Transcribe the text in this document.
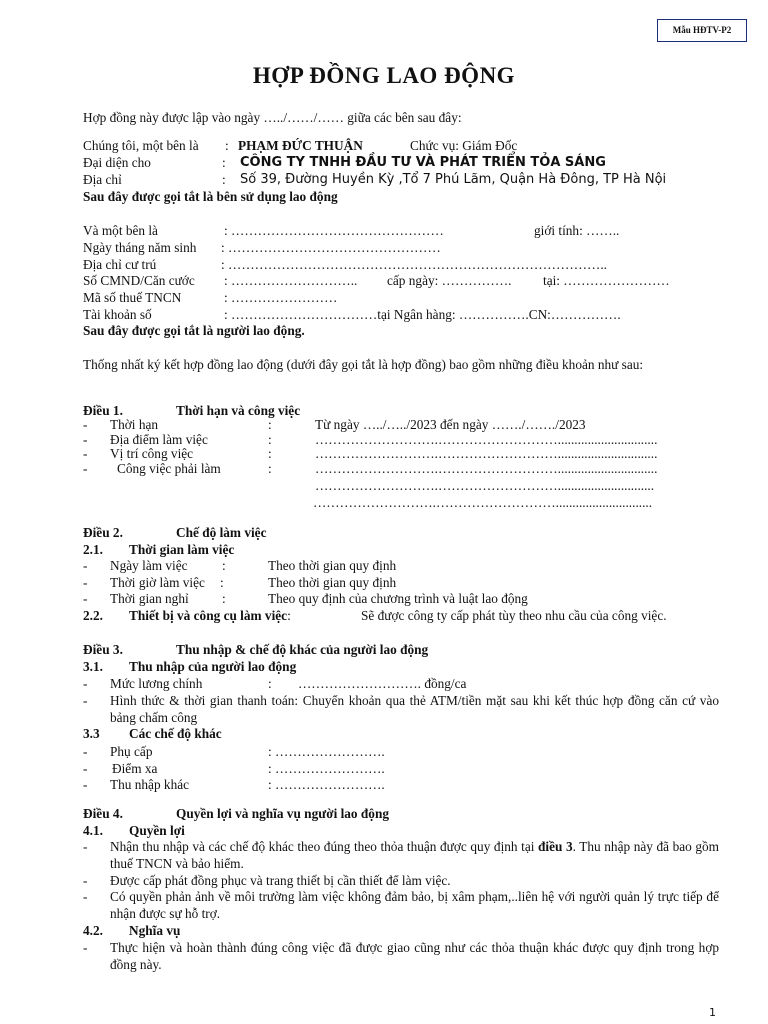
Mẫu HĐTV-P2
HỢP ĐỒNG LAO ĐỘNG
Hợp đồng này được lập vào ngày …../……/…… giữa các bên sau đây:
Chúng tôi, một bên là : PHẠM ĐỨC THUẬN	Chức vụ: Giám Đốc
Đại diện cho	: CÔNG TY TNHH ĐẦU TƯ VÀ PHÁT TRIỂN TỎA SÁNG
Địa chỉ	: Số 39, Đường Huyền Kỳ ,Tổ 7 Phú Lãm, Quận Hà Đông, TP Hà Nội
Sau đây được gọi tắt là bên sử dụng lao động
Và một bên là	: …………………………………………	giới tính: ……..
Ngày tháng năm sinh : …………………………………………
Địa chỉ cư trú	: …………………………………………………………………………..
Số CMND/Căn cước : ……………………….. cấp ngày: ……………. tại: ……………………
Mã số thuế TNCN	: ……………………
Tài khoản số	: ……………………………tại Ngân hàng: …………….CN:…………….
Sau đây được gọi tắt là người lao động.
Thống nhất ký kết hợp đồng lao động (dưới đây gọi tắt là hợp đồng) bao gồm những điều khoản như sau:
Điều 1.	Thời hạn và công việc
- Thời hạn	:	Từ ngày …../…../2023 đến ngày ……./……./2023
- Địa điểm làm việc	:	……………………….………………………..............................
- Vị trí công việc	:	……………………….………………………..............................
- Công việc phải làm	:	……………………….………………………..............................
……………………….……………………….............................
……………………….……………………….............................
Điều 2.	Chế độ làm việc
2.1. Thời gian làm việc
- Ngày làm việc	:	Theo thời gian quy định
- Thời giờ làm việc :	Theo thời gian quy định
- Thời gian nghỉ	:	Theo quy định của chương trình và luật lao động
2.2. Thiết bị và công cụ làm việc:	Sẽ được công ty cấp phát tùy theo nhu cầu của công việc.
Điều 3.	Thu nhập & chế độ khác của người lao động
3.1. Thu nhập của người lao động
- Mức lương chính	: ………………………. đồng/ca
- Hình thức & thời gian thanh toán: Chuyển khoản qua thẻ ATM/tiền mặt sau khi kết thúc hợp đồng căn cứ vào bảng chấm công
3.3 Các chế độ khác
- Phụ cấp	: …………………….
- Điểm xa	: …………………….
- Thu nhập khác	: …………………….
Điều 4.	Quyền lợi và nghĩa vụ người lao động
4.1. Quyền lợi
- Nhận thu nhập và các chế độ khác theo đúng theo thỏa thuận được quy định tại điều 3. Thu nhập này đã bao gồm thuế TNCN và bảo hiểm.
- Được cấp phát đồng phục và trang thiết bị cần thiết để làm việc.
- Có quyền phản ảnh về môi trường làm việc không đảm bảo, bị xâm phạm,..liên hệ với người quản lý trực tiếp để nhận được sự hỗ trợ.
4.2. Nghĩa vụ
- Thực hiện và hoàn thành đúng công việc đã được giao cũng như các thỏa thuận khác được quy định trong hợp đồng này.
1
